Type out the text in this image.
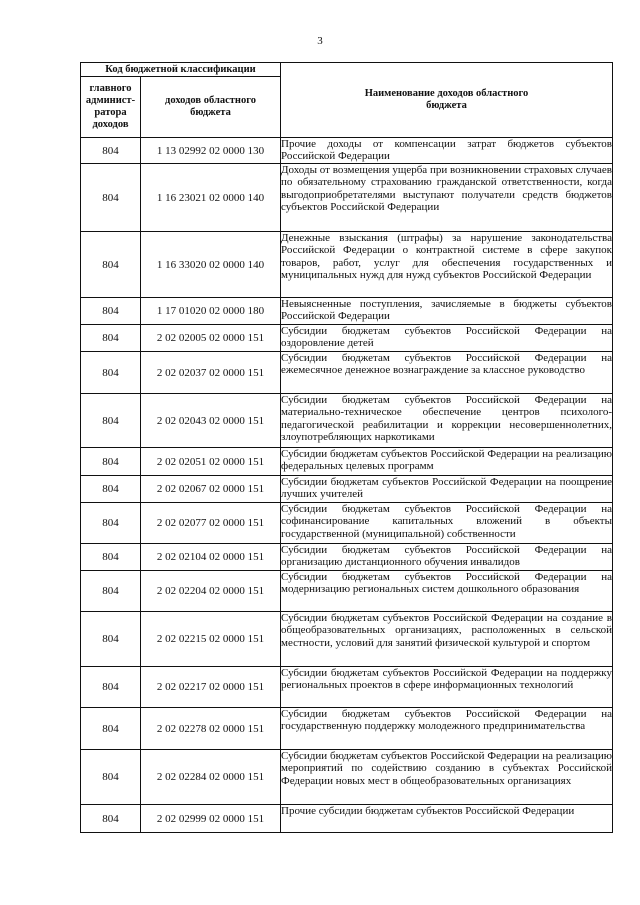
3
Код бюджетной классификации		Наименование доходов областного бюджета
главного админист-ратора доходов	доходов областного бюджета	
804	1 13 02992 02 0000 130	Прочие доходы от компенсации затрат бюджетов субъектов Российской Федерации
804	1 16 23021 02 0000 140	Доходы от возмещения ущерба при возникновении страховых случаев по обязательному страхованию гражданской ответственности, когда выгодоприобретателями выступают получатели средств бюджетов субъектов Российской Федерации
804	1 16 33020 02 0000 140	Денежные взыскания (штрафы) за нарушение законодательства Российской Федерации о контрактной системе в сфере закупок товаров, работ, услуг для обеспечения государственных и муниципальных нужд для нужд субъектов Российской Федерации
804	1 17 01020 02 0000 180	Невыясненные поступления, зачисляемые в бюджеты субъектов Российской Федерации
804	2 02 02005 02 0000 151	Субсидии бюджетам субъектов Российской Федерации на оздоровление детей
804	2 02 02037 02 0000 151	Субсидии бюджетам субъектов Российской Федерации на ежемесячное денежное вознаграждение за классное руководство
804	2 02 02043 02 0000 151	Субсидии бюджетам субъектов Российской Федерации на материально-техническое обеспечение центров психолого-педагогической реабилитации и коррекции несовершеннолетних, злоупотребляющих наркотиками
804	2 02 02051 02 0000 151	Субсидии бюджетам субъектов Российской Федерации на реализацию федеральных целевых программ
804	2 02 02067 02 0000 151	Субсидии бюджетам субъектов Российской Федерации на поощрение лучших учителей
804	2 02 02077 02 0000 151	Субсидии бюджетам субъектов Российской Федерации на софинансирование капитальных вложений в объекты государственной (муниципальной) собственности
804	2 02 02104 02 0000 151	Субсидии бюджетам субъектов Российской Федерации на организацию дистанционного обучения инвалидов
804	2 02 02204 02 0000 151	Субсидии бюджетам субъектов Российской Федерации на модернизацию региональных систем дошкольного образования
804	2 02 02215 02 0000 151	Субсидии бюджетам субъектов Российской Федерации на создание в общеобразовательных организациях, расположенных в сельской местности, условий для занятий физической культурой и спортом
804	2 02 02217 02 0000 151	Субсидии бюджетам субъектов Российской Федерации на поддержку региональных проектов в сфере информационных технологий
804	2 02 02278 02 0000 151	Субсидии бюджетам субъектов Российской Федерации на государственную поддержку молодежного предпринимательства
804	2 02 02284 02 0000 151	Субсидии бюджетам субъектов Российской Федерации на реализацию мероприятий по содействию созданию в субъектах Российской Федерации новых мест в общеобразовательных организациях
804	2 02 02999 02 0000 151	Прочие субсидии бюджетам субъектов Российской Федерации
